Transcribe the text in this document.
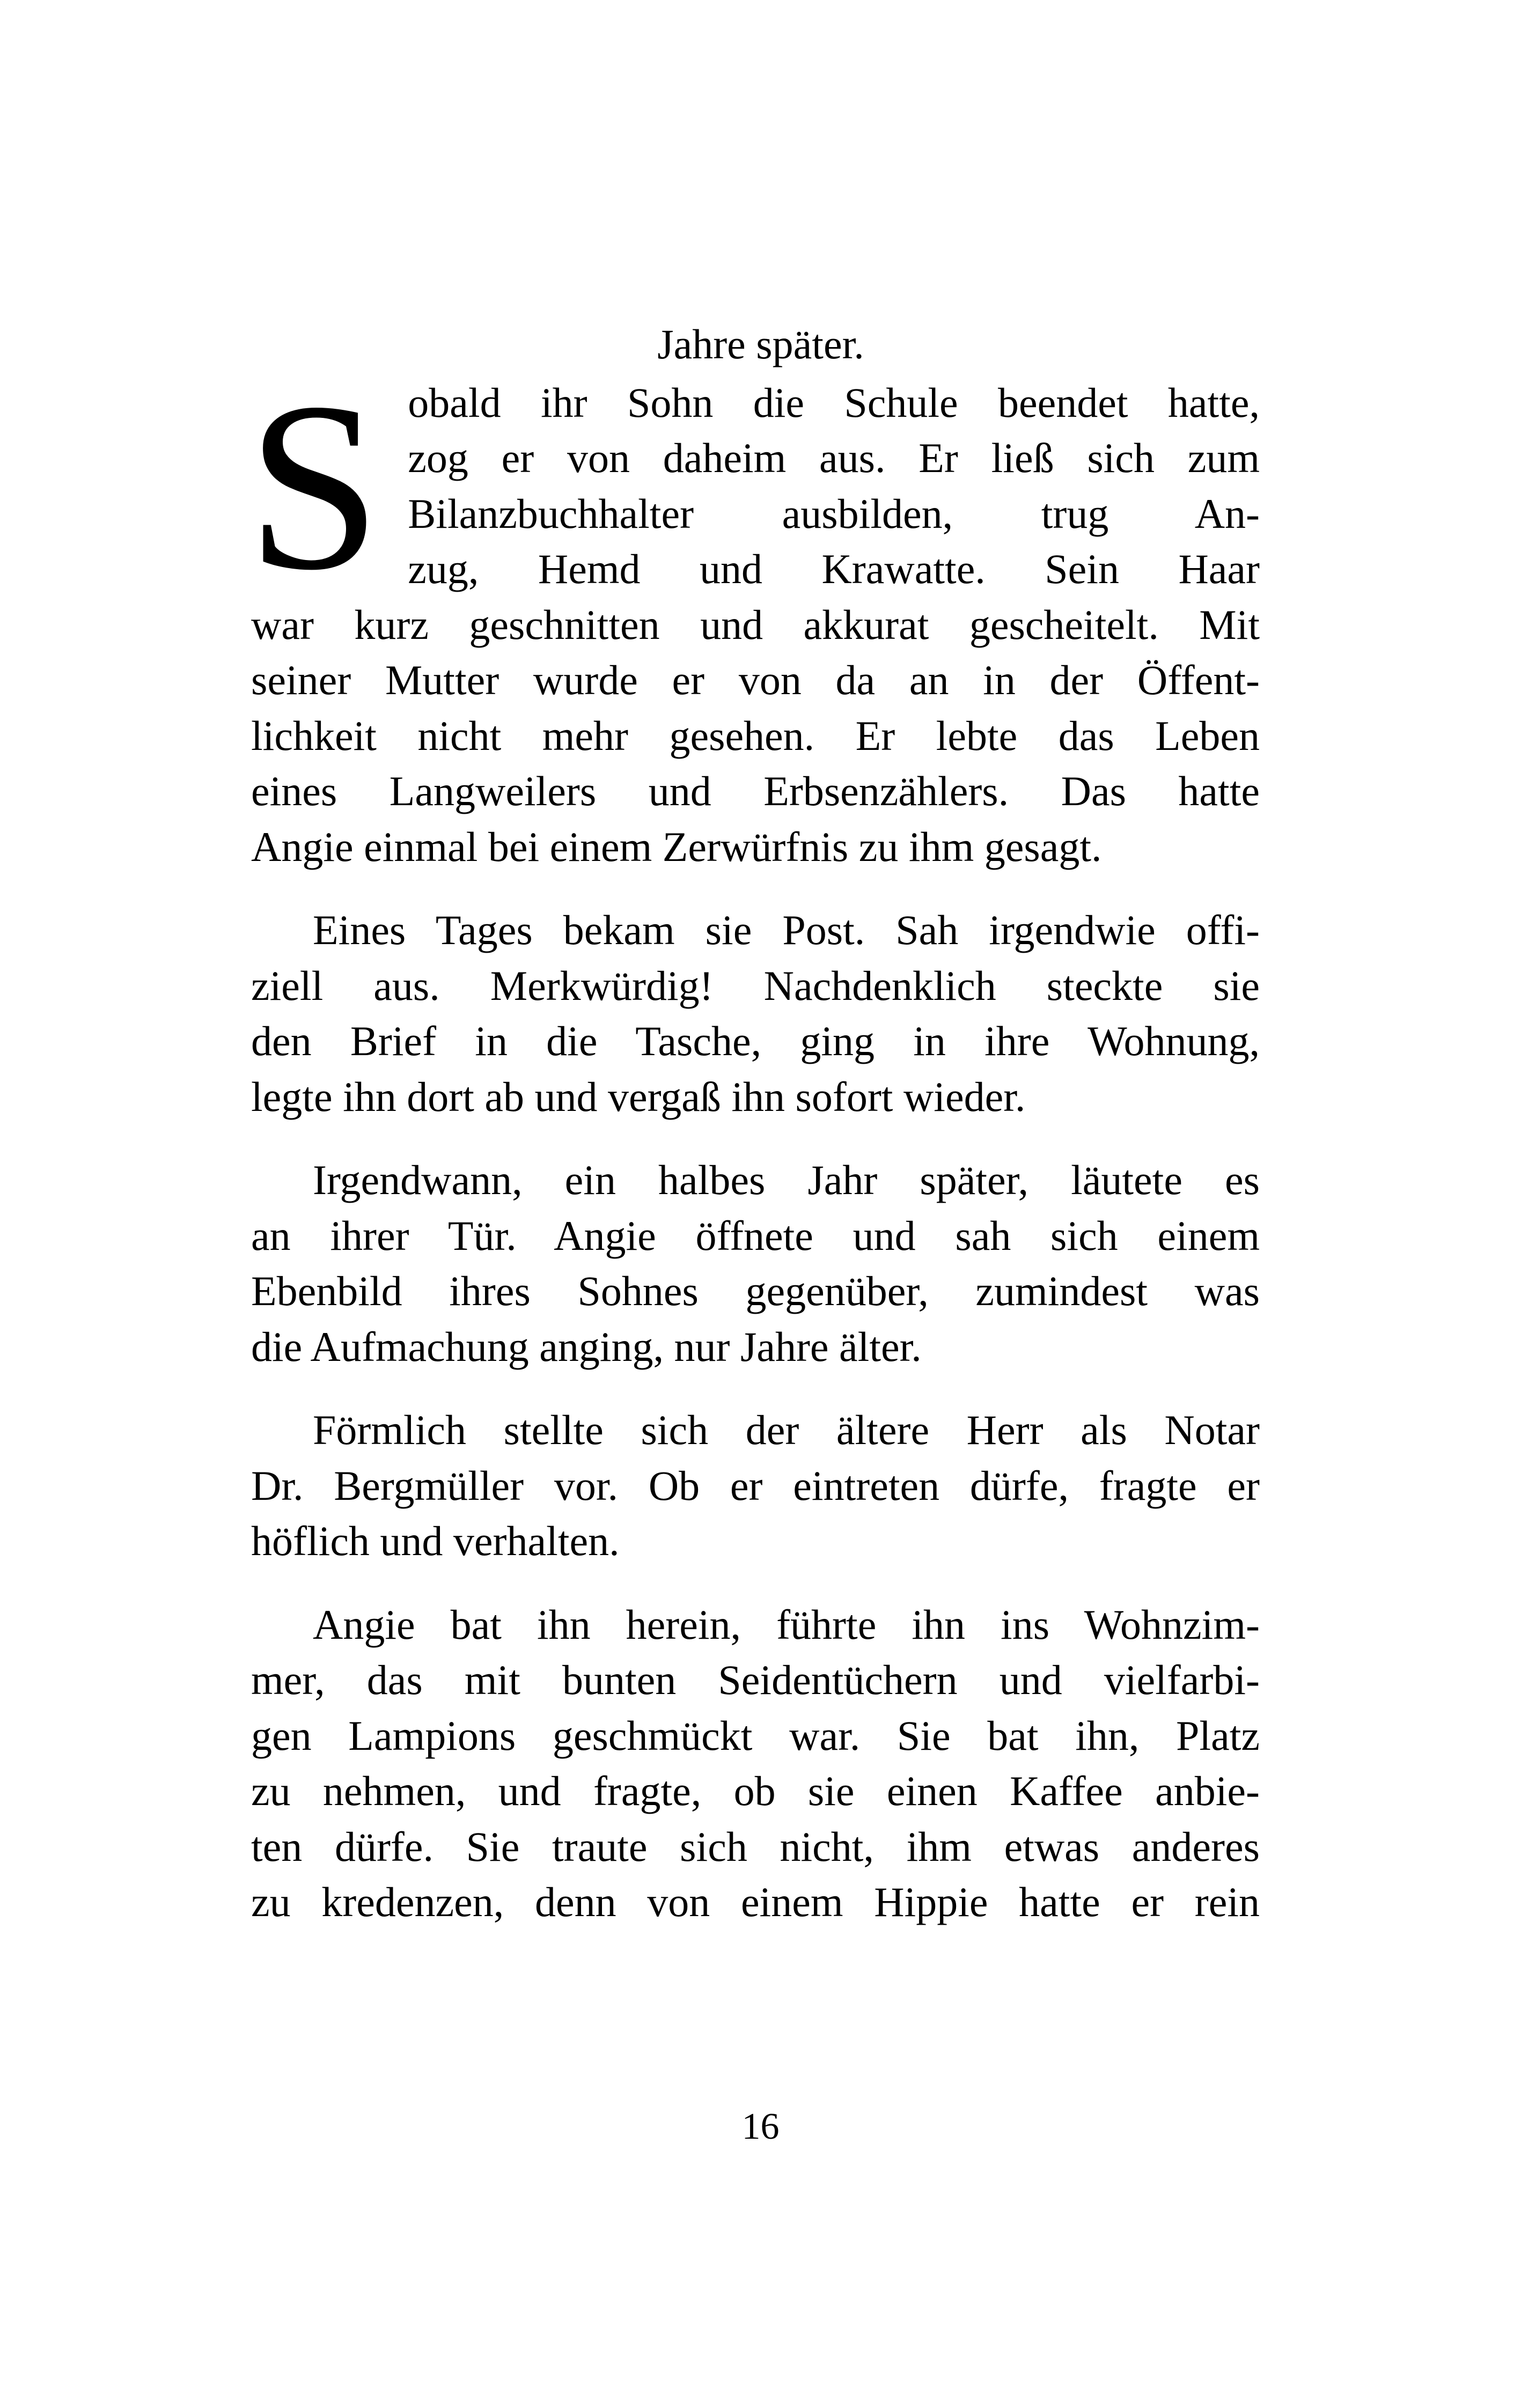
Jahre später.
S obald ihr Sohn die Schule beendet hatte,
zog er von daheim aus. Er ließ sich zum
Bilanzbuchhalter ausbilden, trug An-
zug, Hemd und Krawatte. Sein Haar
war kurz geschnitten und akkurat gescheitelt. Mit
seiner Mutter wurde er von da an in der Öffent-
lichkeit nicht mehr gesehen. Er lebte das Leben
eines Langweilers und Erbsenzählers. Das hatte
Angie einmal bei einem Zerwürfnis zu ihm gesagt.
Eines Tages bekam sie Post. Sah irgendwie offi-
ziell aus. Merkwürdig! Nachdenklich steckte sie
den Brief in die Tasche, ging in ihre Wohnung,
legte ihn dort ab und vergaß ihn sofort wieder.
Irgendwann, ein halbes Jahr später, läutete es
an ihrer Tür. Angie öffnete und sah sich einem
Ebenbild ihres Sohnes gegenüber, zumindest was
die Aufmachung anging, nur Jahre älter.
Förmlich stellte sich der ältere Herr als Notar
Dr. Bergmüller vor. Ob er eintreten dürfe, fragte er
höflich und verhalten.
Angie bat ihn herein, führte ihn ins Wohnzim-
mer, das mit bunten Seidentüchern und vielfarbi-
gen Lampions geschmückt war. Sie bat ihn, Platz
zu nehmen, und fragte, ob sie einen Kaffee anbie-
ten dürfe. Sie traute sich nicht, ihm etwas anderes
zu kredenzen, denn von einem Hippie hatte er rein
16
